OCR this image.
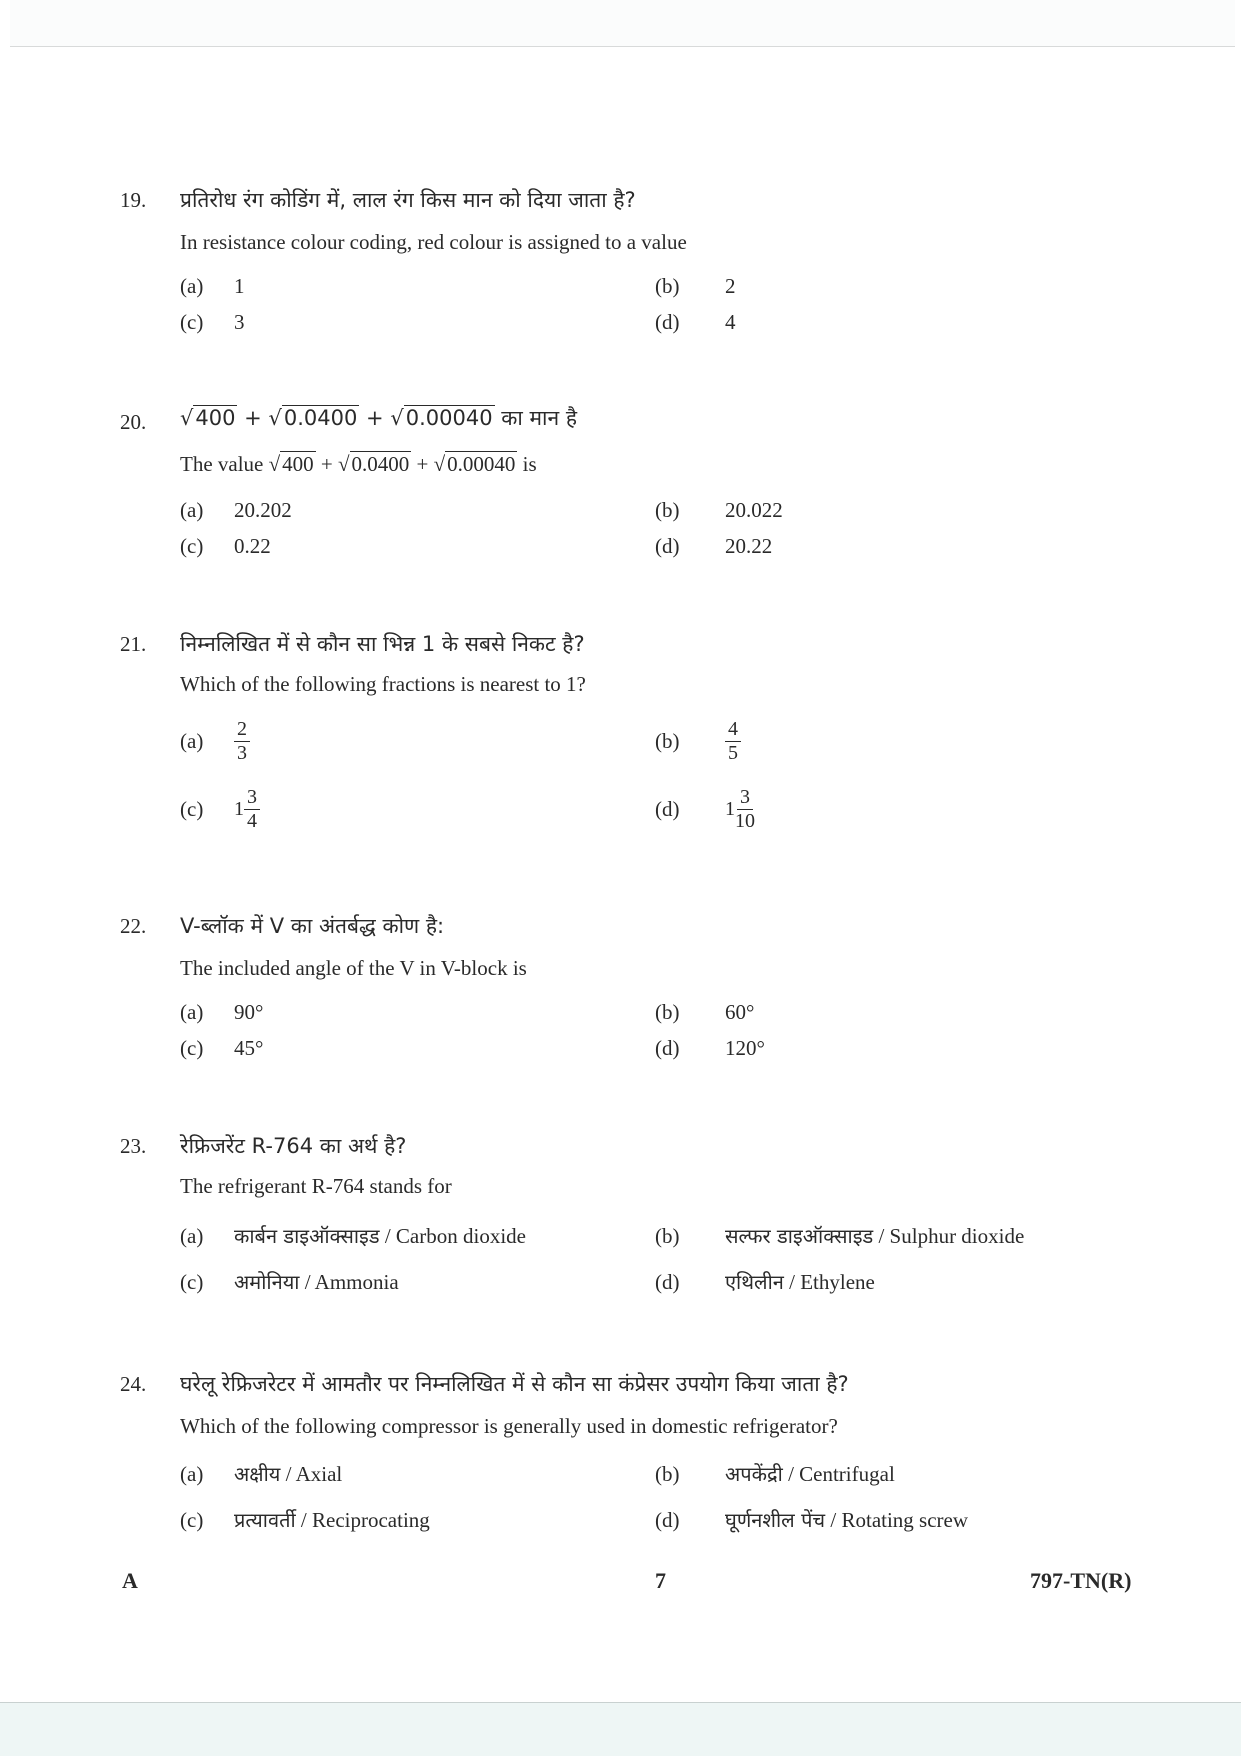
19. प्रतिरोध रंग कोडिंग में, लाल रंग किस मान को दिया जाता है?
In resistance colour coding, red colour is assigned to a value
(a) 1	(b) 2
(c) 3	(d) 4
20. √400 + √0.0400 + √0.00040 का मान है
The value √400 + √0.0400 + √0.00040 is
(a) 20.202	(b) 20.022
(c) 0.22	(d) 20.22
21. निम्नलिखित में से कौन सा भिन्न 1 के सबसे निकट है?
Which of the following fractions is nearest to 1?
$(a) \frac{2}{3}$	$(b) \frac{4}{5}$
(c) $1 \frac{3}{4}$	(d) $1 \frac{3}{10}$
22. V-ब्लॉक में V का अंतर्बद्ध कोण है:
The included angle of the V in V-block is
(a) 90°	(b) 60°
(c) 45°	(d) 120°
23. रेफ्रिजरेंट R-764 का अर्थ है?
The refrigerant R-764 stands for
(a) कार्बन डाइऑक्साइड / Carbon dioxide	(b) सल्फर डाइऑक्साइड / Sulphur dioxide
(c) अमोनिया / Ammonia	(d) एथिलीन / Ethylene
24. घरेलू रेफ्रिजरेटर में आमतौर पर निम्नलिखित में से कौन सा कंप्रेसर उपयोग किया जाता है?
Which of the following compressor is generally used in domestic refrigerator?
(a) अक्षीय / Axial	(b) अपकेंद्री / Centrifugal
(c) प्रत्यावर्ती / Reciprocating	(d) घूर्णनशील पेंच / Rotating screw
A	7	797-TN(R)
